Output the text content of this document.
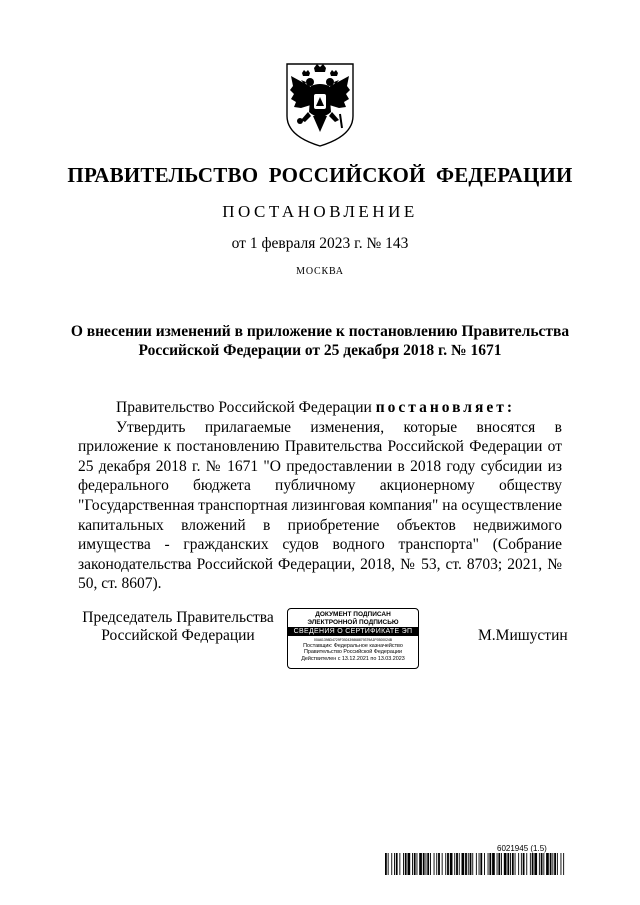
ПРАВИТЕЛЬСТВО РОССИЙСКОЙ ФЕДЕРАЦИИ
ПОСТАНОВЛЕНИЕ
от 1 февраля 2023 г. № 143
МОСКВА
О внесении изменений в приложение к постановлению Правительства Российской Федерации от 25 декабря 2018 г. № 1671

Правительство Российской Федерации постановляет:

Утвердить прилагаемые изменения, которые вносятся в приложение к постановлению Правительства Российской Федерации от 25 декабря 2018 г. № 1671 "О предоставлении в 2018 году субсидии из федерального бюджета публичному акционерному обществу "Государственная транспортная лизинговая компания" на осуществление капитальных вложений в приобретение объектов недвижимого имущества - гражданских судов водного транспорта" (Собрание законодательства Российской Федерации, 2018, № 53, ст. 8703; 2021, № 50, ст. 8607).

Председатель Правительства
Российской Федерации
ДОКУМЕНТ ПОДПИСАН
ЭЛЕКТРОННОЙ ПОДПИСЬЮ
СВЕДЕНИЯ О СЕРТИФИКАТЕ ЭП
00A61398D4729F392439868879379A1F9300024B
Поставщик: Федеральное казначейство
Правительство Российской Федерации
Действителен с 13.12.2021 по 13.03.2023
М.Мишустин
6021945 (1.5)
